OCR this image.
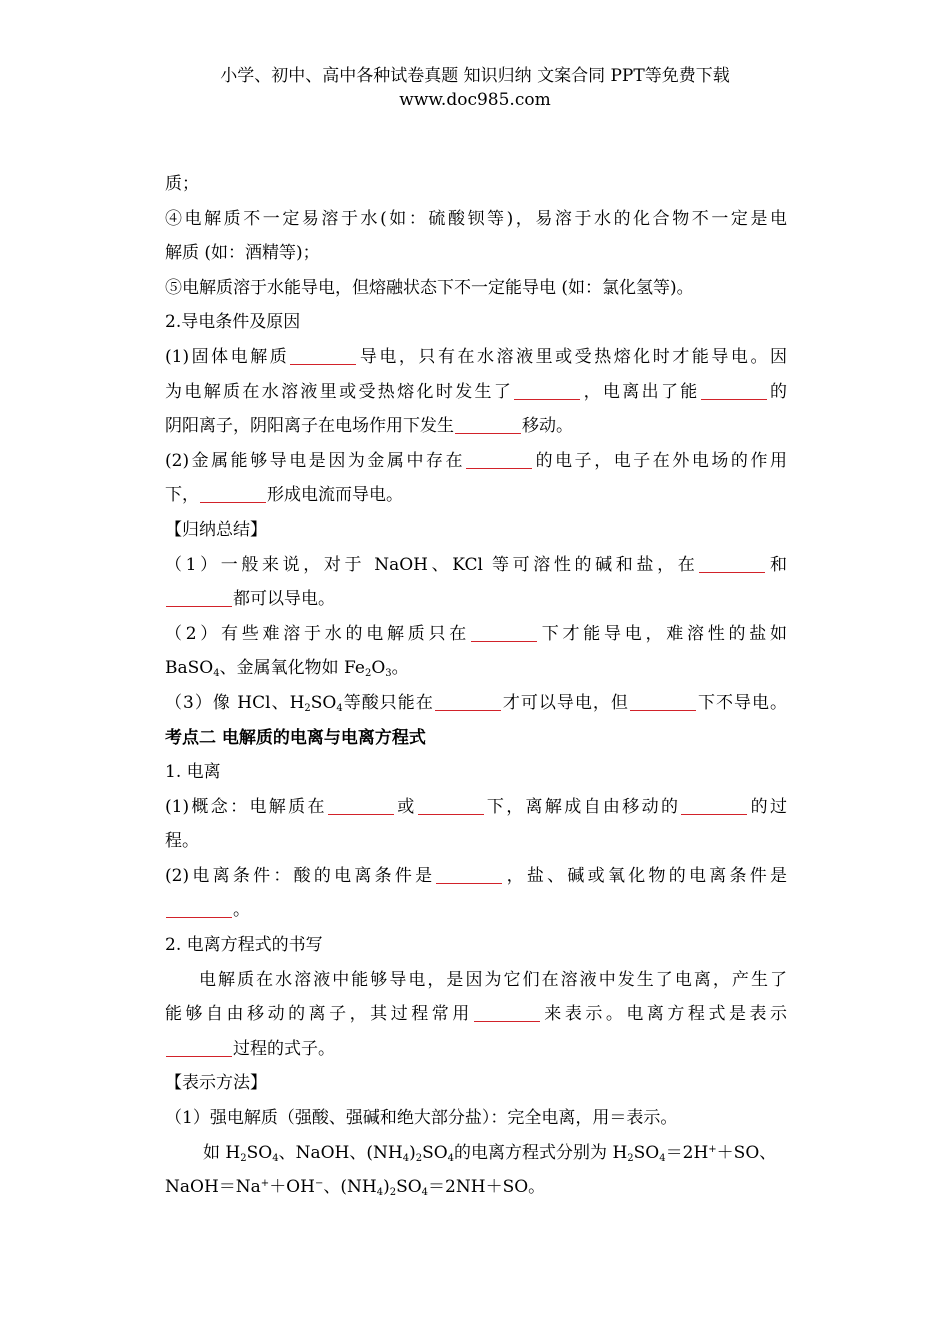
小学、初中、高中各种试卷真题 知识归纳 文案合同 PPT等免费下载
www.doc985.com
质；
④电解质不一定易溶于水(如：硫酸钡等)，易溶于水的化合物不一定是电
解质 (如：酒精等)；
⑤电解质溶于水能导电，但熔融状态下不一定能导电 (如：氯化氢等)。
2.导电条件及原因
(1)固体电解质	导电，只有在水溶液里或受热熔化时才能导电。因
为电解质在水溶液里或受热熔化时发生了	，电离出了能	的
阴阳离子，阴阳离子在电场作用下发生	移动。
(2)金属能够导电是因为金属中存在	的电子，电子在外电场的作用
下，	形成电流而导电。
【归纳总结】
（1）一般来说，对于 NaOH、KCl 等可溶性的碱和盐，在	和
都可以导电。
（2）有些难溶于水的电解质只在	下才能导电，难溶性的盐如
BaSO$_4$、金属氧化物如 $Fe_2O_3$。
（3）像 HCl、$H_2SO_4$等酸只能在	才可以导电，但	下不导电。
考点二 电解质的电离与电离方程式
1. 电离
(1)概念：电解质在	或	下，离解成自由移动的	的过
程。
(2)电离条件：酸的电离条件是	，盐、碱或氧化物的电离条件是
。
2. 电离方程式的书写
电解质在水溶液中能够导电，是因为它们在溶液中发生了电离，产生了
能够自由移动的离子，其过程常用	来表示。电离方程式是表示
过程的式子。
【表示方法】
（1）强电解质（强酸、强碱和绝大部分盐）：完全电离，用＝表示。
如 $H_2SO_4$、NaOH、$(NH_4)_2SO_4$的电离方程式分别为 $H_2SO_4=2H^++SO$、
NaOH＝Na+＋OH−、$(NH_4)_2SO_4=2NH+SO$。
